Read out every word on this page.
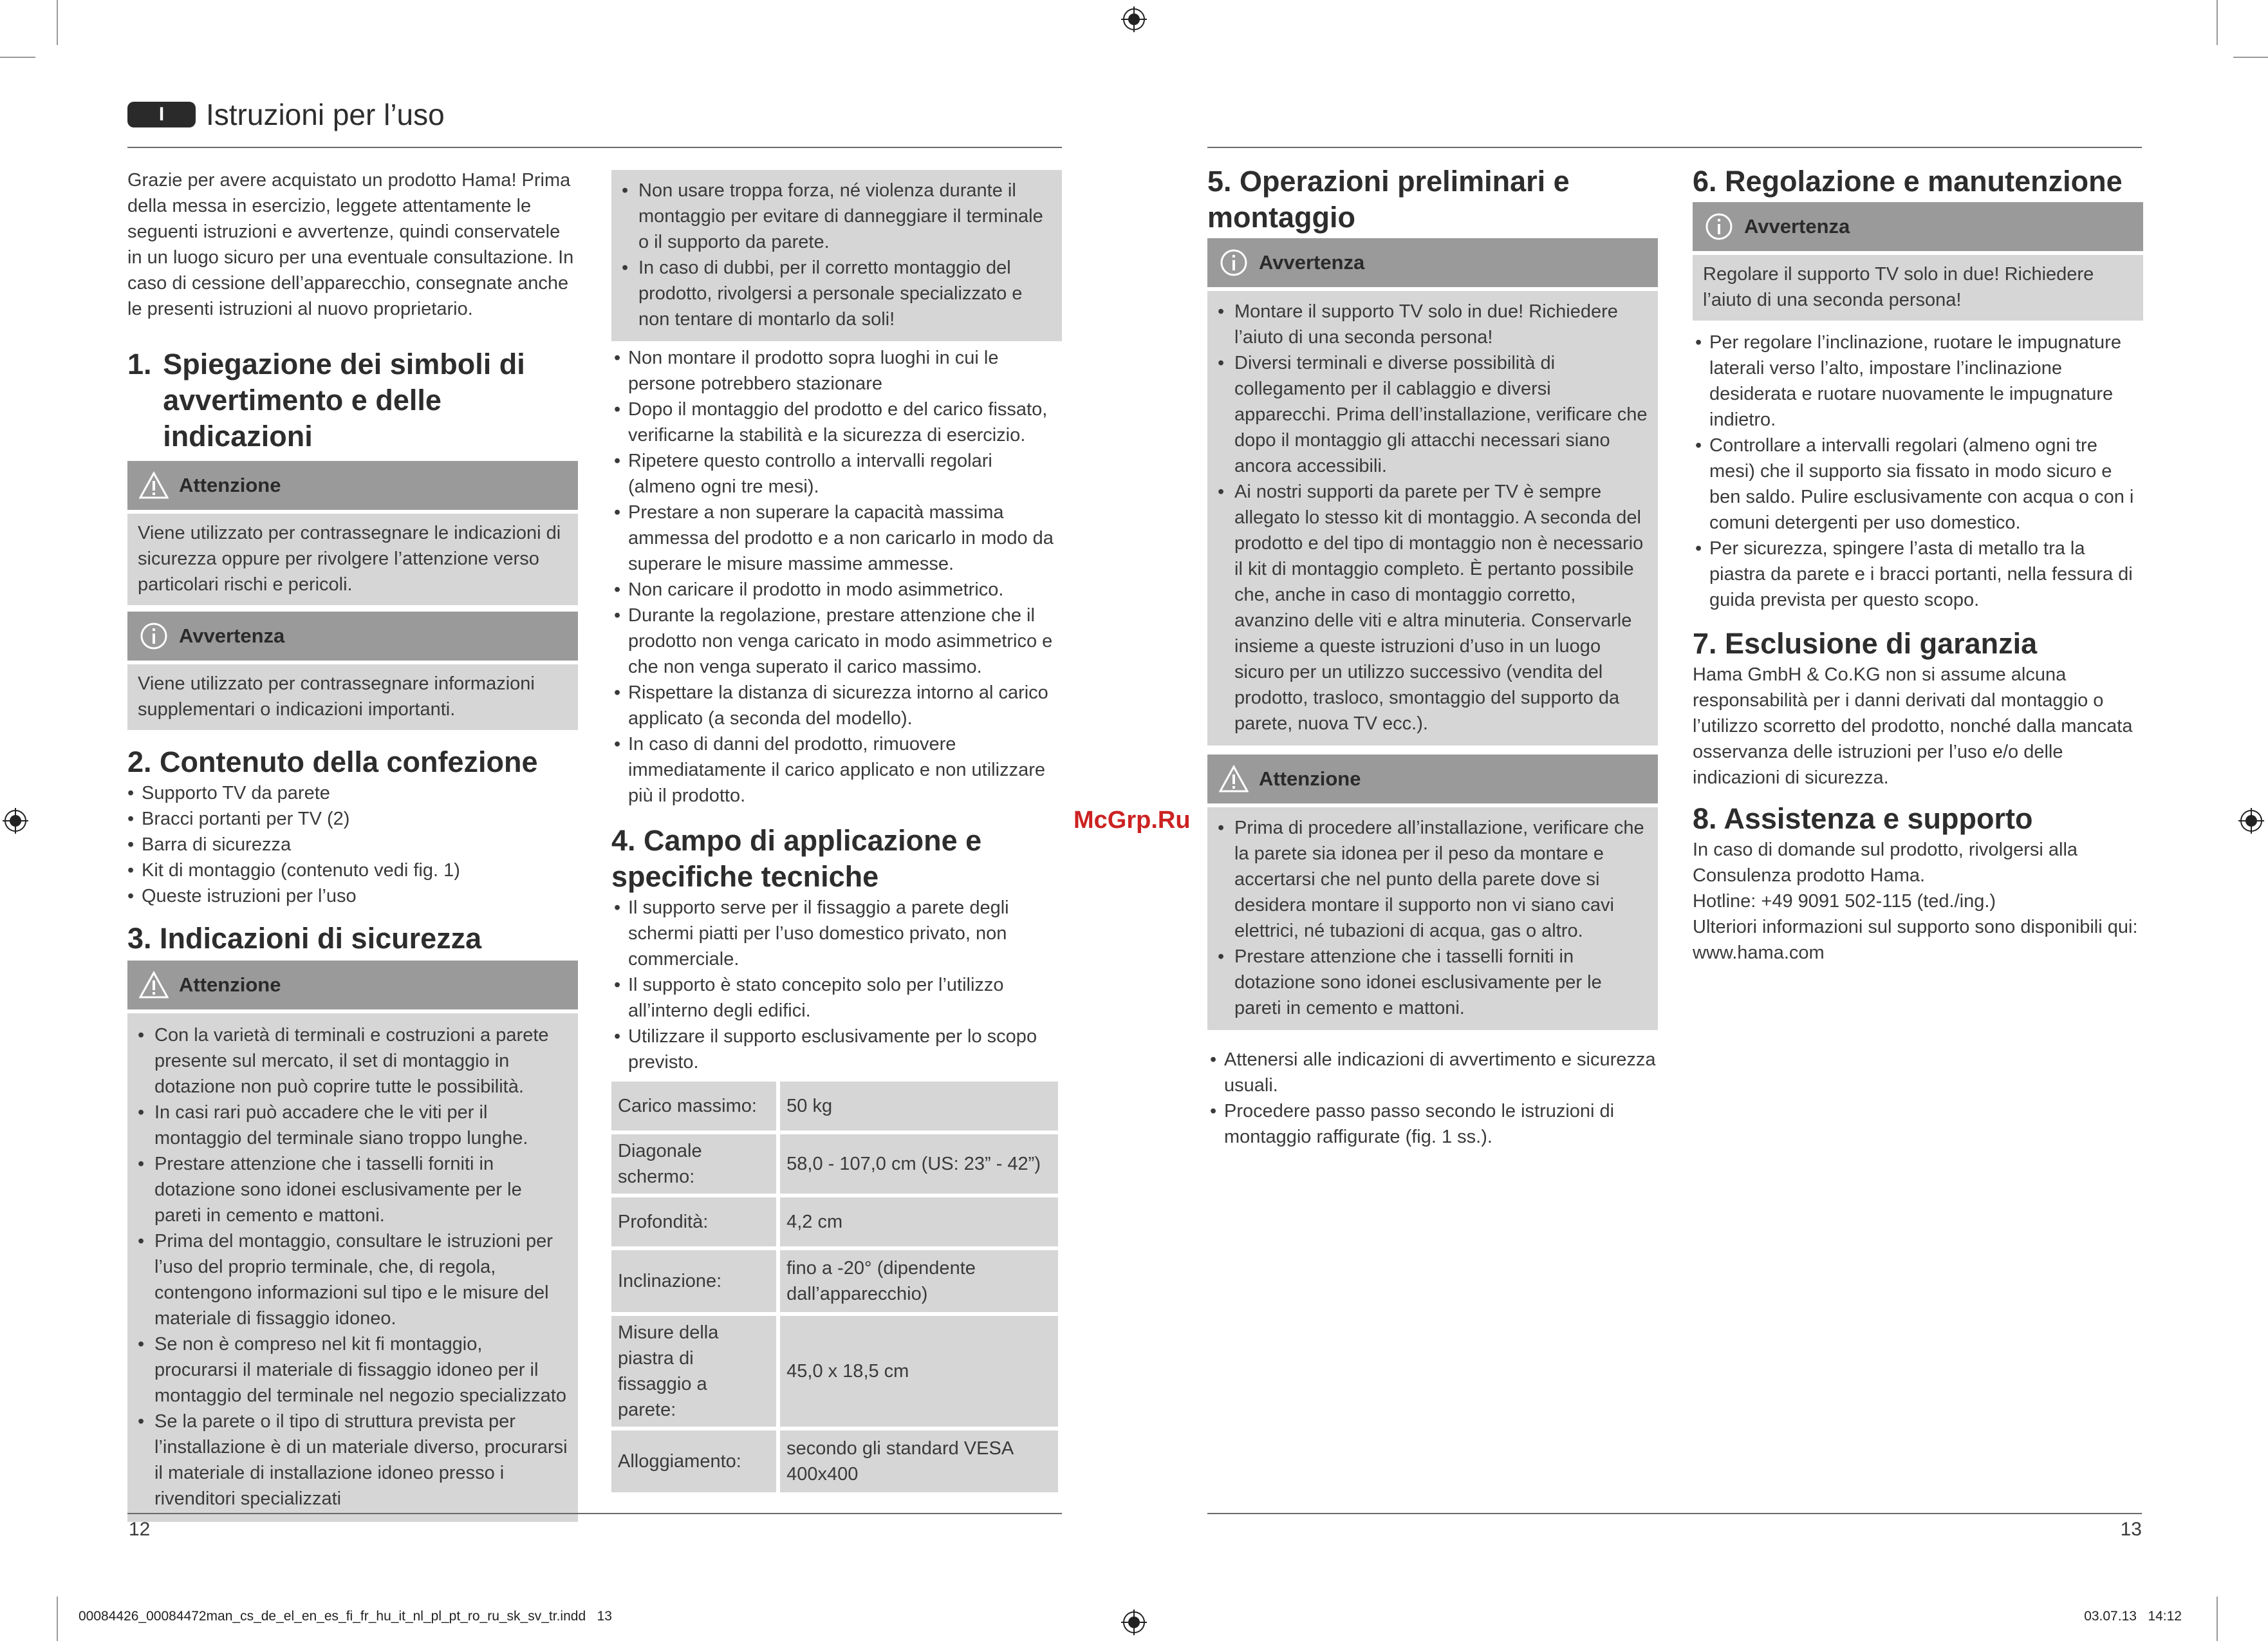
I	Istruzioni per l’uso

Grazie per avere acquistato un prodotto Hama! Prima della messa in esercizio, leggete attentamente le seguenti istruzioni e avvertenze, quindi conservatele in un luogo sicuro per una eventuale consultazione. In caso di cessione dell’apparecchio, consegnate anche le presenti istruzioni al nuovo proprietario.

1. Spiegazione dei simboli di
avvertimento e delle indicazioni
Attenzione
Viene utilizzato per contrassegnare le indicazioni di sicurezza oppure per rivolgere l’attenzione verso particolari rischi e pericoli.
Avvertenza
Viene utilizzato per contrassegnare informazioni supplementari o indicazioni importanti.
2. Contenuto della confezione
• Supporto TV da parete
• Bracci portanti per TV (2)
• Barra di sicurezza
• Kit di montaggio (contenuto vedi fig. 1)
• Queste istruzioni per l’uso
3. Indicazioni di sicurezza
Attenzione
• Con la varietà di terminali e costruzioni a parete presente sul mercato, il set di montaggio in dotazione non può coprire tutte le possibilità.
• In casi rari può accadere che le viti per il montaggio del terminale siano troppo lunghe.
• Prestare attenzione che i tasselli forniti in dotazione sono idonei esclusivamente per le pareti in cemento e mattoni.
• Prima del montaggio, consultare le istruzioni per l’uso del proprio terminale, che, di regola, contengono informazioni sul tipo e le misure del materiale di fissaggio idoneo.
• Se non è compreso nel kit fi montaggio, procurarsi il materiale di fissaggio idoneo per il montaggio del terminale nel negozio specializzato
• Se la parete o il tipo di struttura prevista per l’installazione è di un materiale diverso, procurarsi il materiale di installazione idoneo presso i rivenditori specializzati
• Non usare troppa forza, né violenza durante il montaggio per evitare di danneggiare il terminale o il supporto da parete.
• In caso di dubbi, per il corretto montaggio del prodotto, rivolgersi a personale specializzato e non tentare di montarlo da soli!
• Non montare il prodotto sopra luoghi in cui le persone potrebbero stazionare
• Dopo il montaggio del prodotto e del carico fissato, verificarne la stabilità e la sicurezza di esercizio.
• Ripetere questo controllo a intervalli regolari (almeno ogni tre mesi).
• Prestare a non superare la capacità massima ammessa del prodotto e a non caricarlo in modo da superare le misure massime ammesse.
• Non caricare il prodotto in modo asimmetrico.
• Durante la regolazione, prestare attenzione che il prodotto non venga caricato in modo asimmetrico e che non venga superato il carico massimo.
• Rispettare la distanza di sicurezza intorno al carico applicato (a seconda del modello).
• In caso di danni del prodotto, rimuovere immediatamente il carico applicato e non utilizzare più il prodotto.
4. Campo di applicazione e
specifiche tecniche
• Il supporto serve per il fissaggio a parete degli schermi piatti per l’uso domestico privato, non commerciale.
• Il supporto è stato concepito solo per l’utilizzo all’interno degli edifici.
• Utilizzare il supporto esclusivamente per lo scopo previsto.
Carico massimo:	50 kg
Diagonale schermo:	58,0 - 107,0 cm (US: 23” - 42”)
Profondità:	4,2 cm
Inclinazione:	fino a -20° (dipendente dall’apparecchio)
Misure della piastra di fissaggio a parete:	45,0 x 18,5 cm
Alloggiamento:	secondo gli standard VESA 400x400
5. Operazioni preliminari e
montaggio
Avvertenza
• Montare il supporto TV solo in due! Richiedere l’aiuto di una seconda persona!
• Diversi terminali e diverse possibilità di collegamento per il cablaggio e diversi apparecchi. Prima dell’installazione, verificare che dopo il montaggio gli attacchi necessari siano ancora accessibili.
• Ai nostri supporti da parete per TV è sempre allegato lo stesso kit di montaggio. A seconda del prodotto e del tipo di montaggio non è necessario il kit di montaggio completo. È pertanto possibile che, anche in caso di montaggio corretto, avanzino delle viti e altra minuteria. Conservarle insieme a queste istruzioni d’uso in un luogo sicuro per un utilizzo successivo (vendita del prodotto, trasloco, smontaggio del supporto da parete, nuova TV ecc.).
Attenzione
• Prima di procedere all’installazione, verificare che la parete sia idonea per il peso da montare e accertarsi che nel punto della parete dove si desidera montare il supporto non vi siano cavi elettrici, né tubazioni di acqua, gas o altro.
• Prestare attenzione che i tasselli forniti in dotazione sono idonei esclusivamente per le pareti in cemento e mattoni.
• Attenersi alle indicazioni di avvertimento e sicurezza usuali.
• Procedere passo passo secondo le istruzioni di montaggio raffigurate (fig. 1 ss.).
6. Regolazione e manutenzione
Avvertenza
Regolare il supporto TV solo in due! Richiedere l’aiuto di una seconda persona!
• Per regolare l’inclinazione, ruotare le impugnature laterali verso l’alto, impostare l’inclinazione desiderata e ruotare nuovamente le impugnature indietro.
• Controllare a intervalli regolari (almeno ogni tre mesi) che il supporto sia fissato in modo sicuro e ben saldo. Pulire esclusivamente con acqua o con i comuni detergenti per uso domestico.
• Per sicurezza, spingere l’asta di metallo tra la piastra da parete e i bracci portanti, nella fessura di guida prevista per questo scopo.
7. Esclusione di garanzia

Hama GmbH & Co.KG non si assume alcuna responsabilità per i danni derivati dal montaggio o l’utilizzo scorretto del prodotto, nonché dalla mancata osservanza delle istruzioni per l’uso e/o delle indicazioni di sicurezza.

8. Assistenza e supporto

In caso di domande sul prodotto, rivolgersi alla Consulenza prodotto Hama.

Hotline: +49 9091 502-115 (ted./ing.)

Ulteriori informazioni sul supporto sono disponibili qui:

www.hama.com

McGrp.Ru
12	13
00084426_00084472man_cs_de_el_en_es_fi_fr_hu_it_nl_pl_pt_ro_ru_sk_sv_tr.indd   13	03.07.13   14:12
